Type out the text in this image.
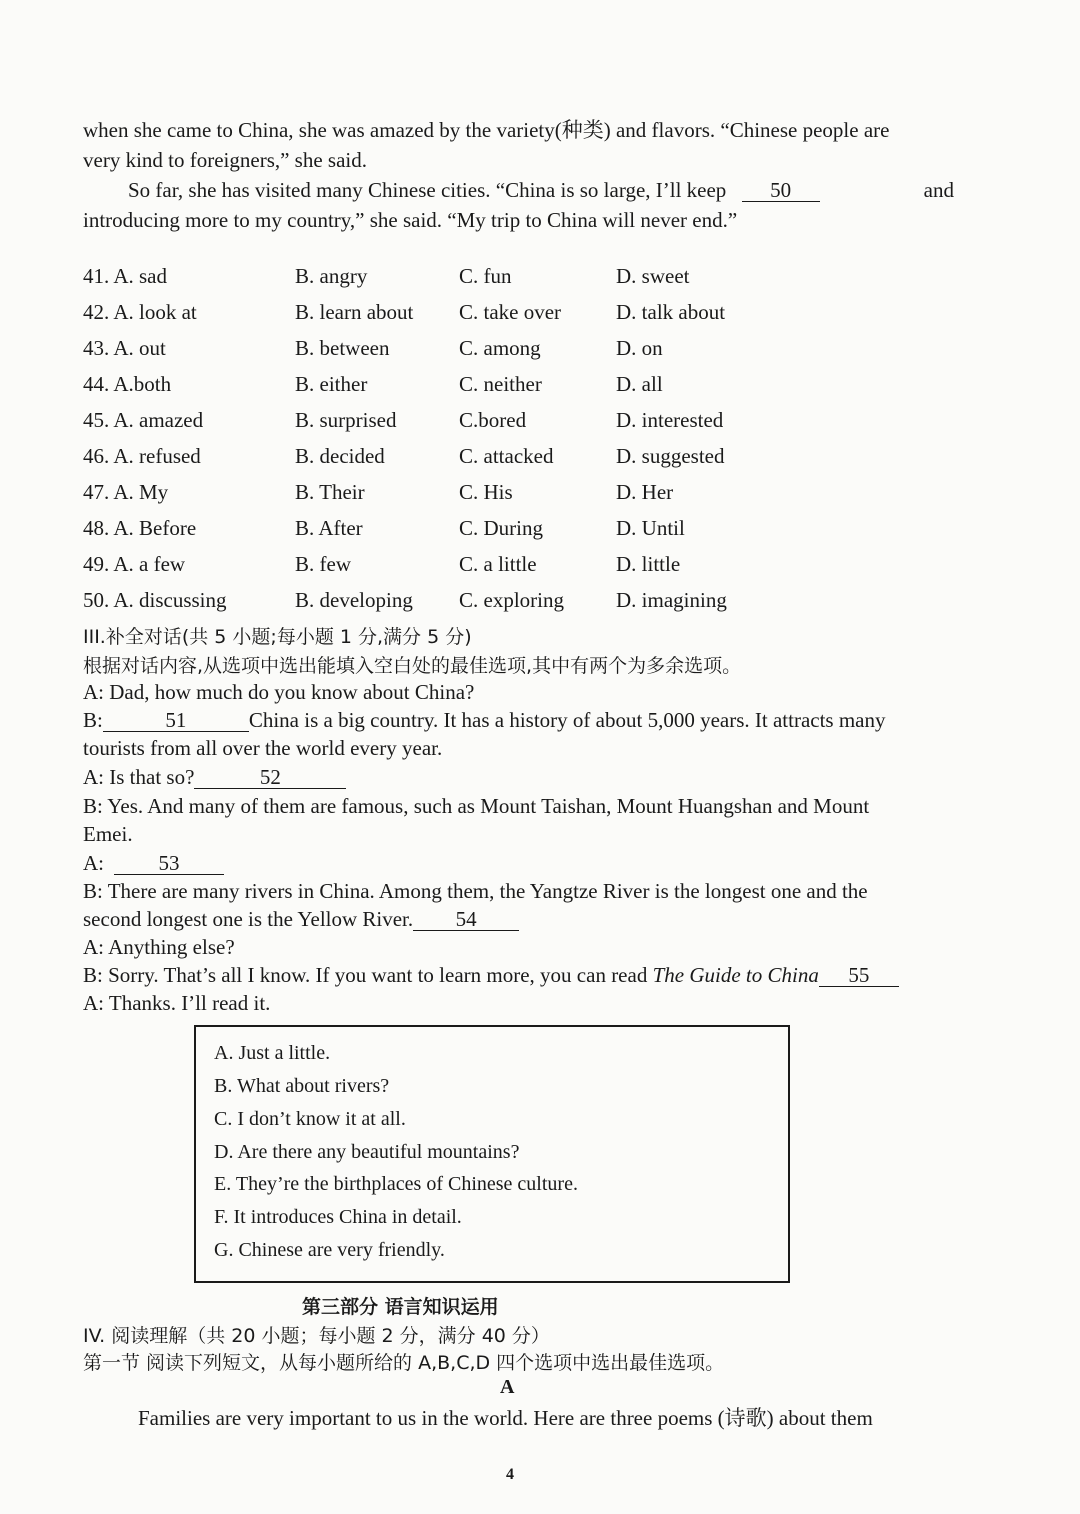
when she came to China, she was amazed by the variety(种类) and flavors. “Chinese people are
very kind to foreigners,” she said.
So far, she has visited many Chinese cities. “China is so large, I’ll keep 50	and
introducing more to my country,” she said. “My trip to China will never end.”
41. A. sad	B. angry	C. fun	D. sweet
42. A. look at	B. learn about C. take over	D. talk about
43. A. out	B. between	C. among	D. on
44. A.both	B. either	C. neither	D. all
45. A. amazed	B. surprised	C.bored	D. interested
46. A. refused	B. decided	C. attacked	D. suggested
47. A. My	B. Their	C. His	D. Her
48. A. Before	B. After	C. During	D. Until
49. A. a few	B. few	C. a little	D. little
50. A. discussing	B. developing C. exploring D. imagining
III.补全对话(共 5 小题;每小题 1 分,满分 5 分)
根据对话内容,从选项中选出能填入空白处的最佳选项,其中有两个为多余选项。
A: Dad, how much do you know about China?
B:	51	China is a big country. It has a history of about 5,000 years. It attracts many
tourists from all over the world every year.
A: Is that so?	52
B: Yes. And many of them are famous, such as Mount Taishan, Mount Huangshan and Mount
Emei.
A:	53
B: There are many rivers in China. Among them, the Yangtze River is the longest one and the
second longest one is the Yellow River. 54
A: Anything else?
B: Sorry. That’s all I know. If you want to learn more, you can read The Guide to China 55
A: Thanks. I’ll read it.
A. Just a little.
B. What about rivers?
C. I don’t know it at all.
D. Are there any beautiful mountains?
E. They’re the birthplaces of Chinese culture.
F. It introduces China in detail.
G. Chinese are very friendly.
第三部分 语言知识运用
IV. 阅读理解（共 20 小题；每小题 2 分，满分 40 分）
第一节 阅读下列短文，从每小题所给的 A,B,C,D 四个选项中选出最佳选项。
A
Families are very important to us in the world. Here are three poems (诗歌) about them
4
